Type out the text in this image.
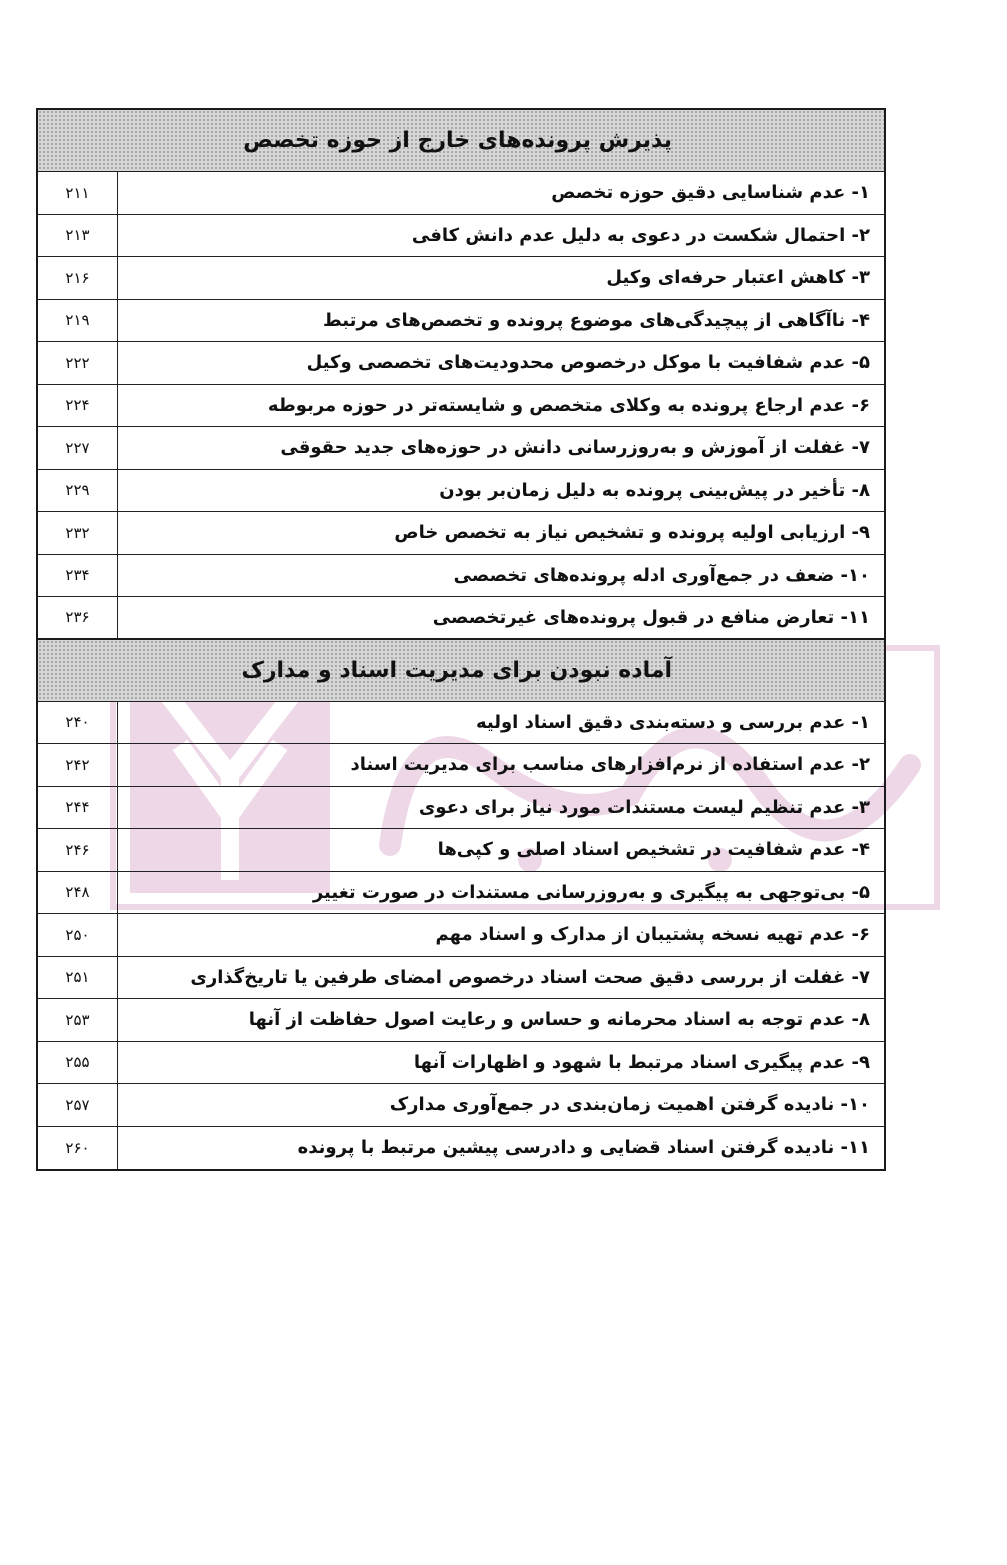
پذیرش پرونده‌های خارج از حوزه تخصص
۱- عدم شناسایی دقیق حوزه تخصص
۲۱۱
۲- احتمال شکست در دعوی به دلیل عدم دانش کافی
۲۱۳
۳- کاهش اعتبار حرفه‌ای وکیل
۲۱۶
۴- ناآگاهی از پیچیدگی‌های موضوع پرونده و تخصص‌های مرتبط
۲۱۹
۵- عدم شفافیت با موکل درخصوص محدودیت‌های تخصصی وکیل
۲۲۲
۶- عدم ارجاع پرونده به وکلای متخصص و شایسته‌تر در حوزه مربوطه
۲۲۴
۷- غفلت از آموزش و به‌روزرسانی دانش در حوزه‌های جدید حقوقی
۲۲۷
۸- تأخیر در پیش‌بینی پرونده به دلیل زمان‌بر بودن
۲۲۹
۹- ارزیابی اولیه پرونده و تشخیص نیاز به تخصص خاص
۲۳۲
۱۰- ضعف در جمع‌آوری ادله پرونده‌های تخصصی
۲۳۴
۱۱- تعارض منافع در قبول پرونده‌های غیرتخصصی
۲۳۶
آماده نبودن برای مدیریت اسناد و مدارک
۱- عدم بررسی و دسته‌بندی دقیق اسناد اولیه
۲۴۰
۲- عدم استفاده از نرم‌افزارهای مناسب برای مدیریت اسناد
۲۴۲
۳- عدم تنظیم لیست مستندات مورد نیاز برای دعوی
۲۴۴
۴- عدم شفافیت در تشخیص اسناد اصلی و کپی‌ها
۲۴۶
۵- بی‌توجهی به پیگیری و به‌روزرسانی مستندات در صورت تغییر
۲۴۸
۶- عدم تهیه نسخه پشتیبان از مدارک و اسناد مهم
۲۵۰
۷- غفلت از بررسی دقیق صحت اسناد درخصوص امضای طرفین یا تاریخ‌گذاری
۲۵۱
۸- عدم توجه به اسناد محرمانه و حساس و رعایت اصول حفاظت از آنها
۲۵۳
۹- عدم پیگیری اسناد مرتبط با شهود و اظهارات آنها
۲۵۵
۱۰- نادیده گرفتن اهمیت زمان‌بندی در جمع‌آوری مدارک
۲۵۷
۱۱- نادیده گرفتن اسناد قضایی و دادرسی پیشین مرتبط با پرونده
۲۶۰
